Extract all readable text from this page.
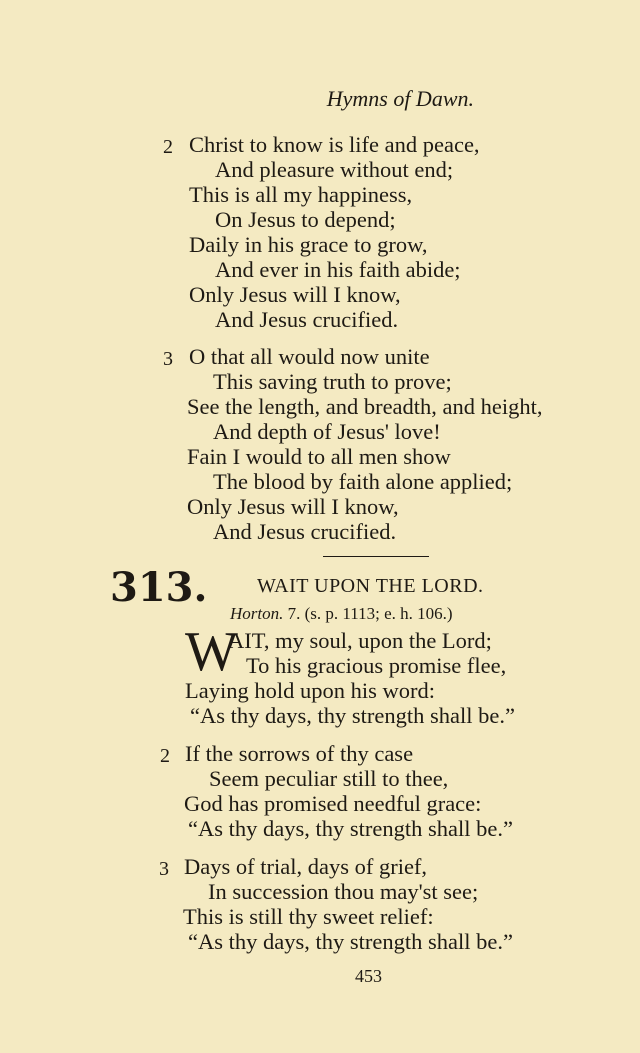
Hymns of Dawn.
2 Christ to know is life and peace,
And pleasure without end;
This is all my happiness,
On Jesus to depend;
Daily in his grace to grow,
And ever in his faith abide;
Only Jesus will I know,
And Jesus crucified.
3 O that all would now unite
This saving truth to prove;
See the length, and breadth, and height,
And depth of Jesus' love!
Fain I would to all men show
The blood by faith alone applied;
Only Jesus will I know,
And Jesus crucified.
313. WAIT UPON THE LORD.
Horton. 7. (s. p. 1113; e. h. 106.)
W
AIT, my soul, upon the Lord;
To his gracious promise flee,
Laying hold upon his word:
“As thy days, thy strength shall be.”
2 If the sorrows of thy case
Seem peculiar still to thee,
God has promised needful grace:
“As thy days, thy strength shall be.”
3 Days of trial, days of grief,
In succession thou may'st see;
This is still thy sweet relief:
“As thy days, thy strength shall be.”
453
